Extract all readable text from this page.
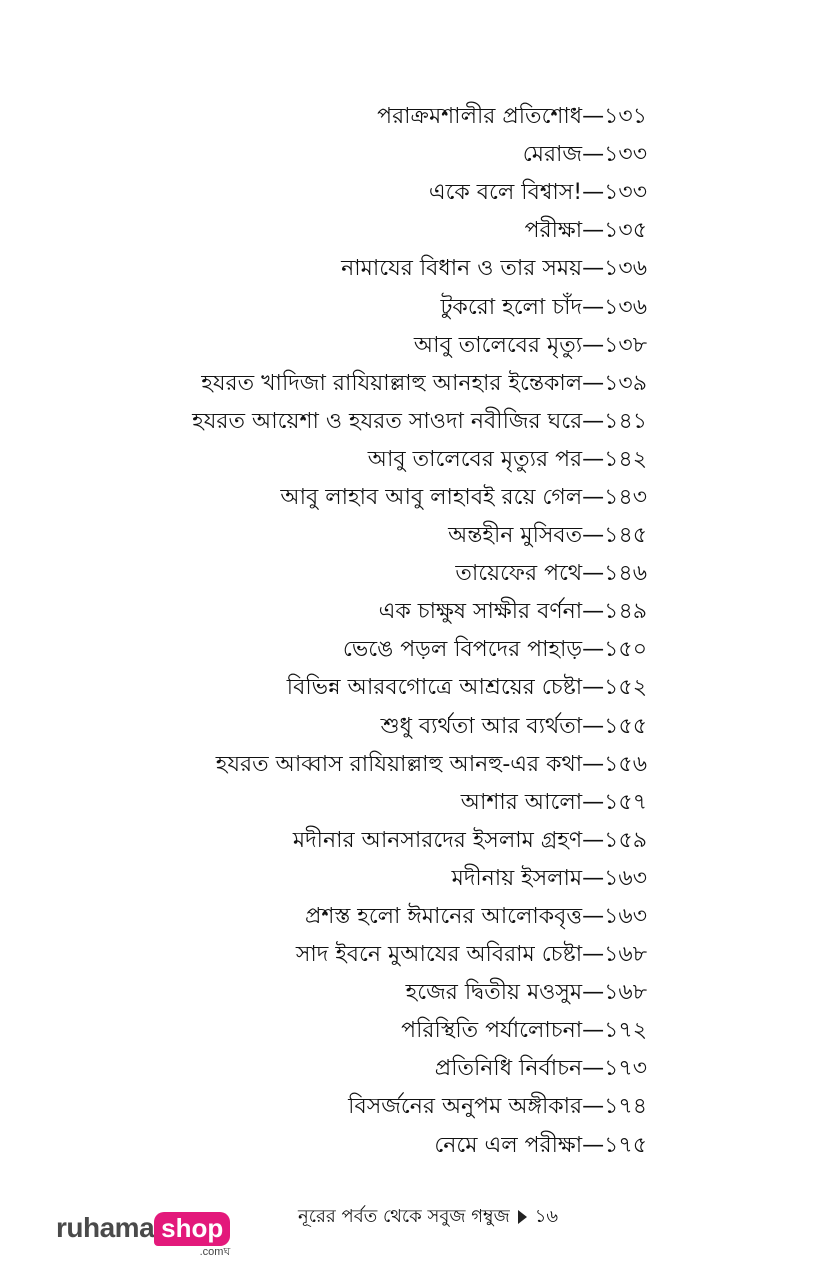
পরাক্রমশালীর প্রতিশোধ — ১৩১
মেরাজ — ১৩৩
একে বলে বিশ্বাস! — ১৩৩
পরীক্ষা — ১৩৫
নামাযের বিধান ও তার সময় — ১৩৬
টুকরো হলো চাঁদ — ১৩৬
আবু তালেবের মৃত্যু — ১৩৮
হযরত খাদিজা রাযিয়াল্লাহু আনহার ইন্তেকাল — ১৩৯
হযরত আয়েশা ও হযরত সাওদা নবীজির ঘরে — ১৪১
আবু তালেবের মৃত্যুর পর — ১৪২
আবু লাহাব আবু লাহাবই রয়ে গেল — ১৪৩
অন্তহীন মুসিবত — ১৪৫
তায়েফের পথে — ১৪৬
এক চাক্ষুষ সাক্ষীর বর্ণনা — ১৪৯
ভেঙে পড়ল বিপদের পাহাড় — ১৫০
বিভিন্ন আরবগোত্রে আশ্রয়ের চেষ্টা — ১৫২
শুধু ব্যর্থতা আর ব্যর্থতা — ১৫৫
হযরত আব্বাস রাযিয়াল্লাহু আনহু-এর কথা — ১৫৬
আশার আলো — ১৫৭
মদীনার আনসারদের ইসলাম গ্রহণ — ১৫৯
মদীনায় ইসলাম — ১৬৩
প্রশস্ত হলো ঈমানের আলোকবৃত্ত — ১৬৩
সাদ ইবনে মুআযের অবিরাম চেষ্টা — ১৬৮
হজের দ্বিতীয় মওসুম — ১৬৮
পরিস্থিতি পর্যালোচনা — ১৭২
প্রতিনিধি নির্বাচন — ১৭৩
বিসর্জনের অনুপম অঙ্গীকার — ১৭৪
নেমে এল পরীক্ষা — ১৭৫
নূরের পর্বত থেকে সবুজ গম্বুজ ১৬
ruhama shop
.comঘ
